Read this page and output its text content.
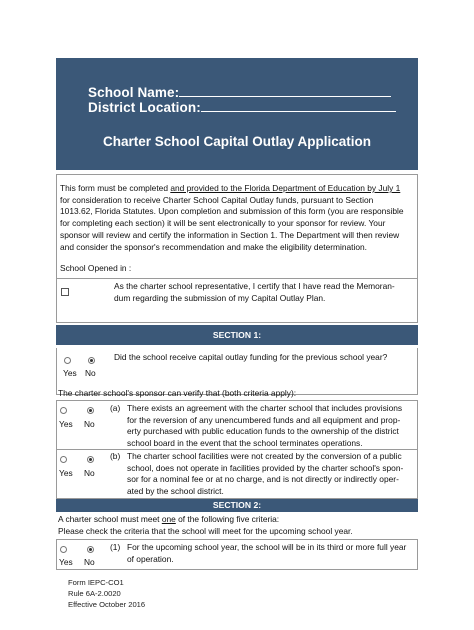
School Name:
District Location:
Charter School Capital Outlay Application
This form must be completed and provided to the Florida Department of Education by July 1
for consideration to receive Charter School Capital Outlay funds, pursuant to Section
1013.62, Florida Statutes. Upon completion and submission of this form (you are responsible
for completing each section) it will be sent electronically to your sponsor for review. Your
sponsor will review and certify the information in Section 1. The Department will then review
and consider the sponsor's recommendation and make the eligibility determination.
School Opened in :
As the charter school representative, I certify that I have read the Memoran-
dum regarding the submission of my Capital Outlay Plan.
SECTION 1:
Yes No
Did the school receive capital outlay funding for the previous school year?
The charter school's sponsor can verify that (both criteria apply):
Yes No
(a) There exists an agreement with the charter school that includes provisions
for the reversion of any unencumbered funds and all equipment and prop-
erty purchased with public education funds to the ownership of the district
school board in the event that the school terminates operations.
Yes No
(b) The charter school facilities were not created by the conversion of a public
school, does not operate in facilities provided by the charter school's spon-
sor for a nominal fee or at no charge, and is not directly or indirectly oper-
ated by the school district.
SECTION 2:
A charter school must meet one of the following five criteria:
Please check the criteria that the school will meet for the upcoming school year.
Yes No
(1) For the upcoming school year, the school will be in its third or more full year
of operation.
Form IEPC-CO1
Rule 6A-2.0020
Effective October 2016
